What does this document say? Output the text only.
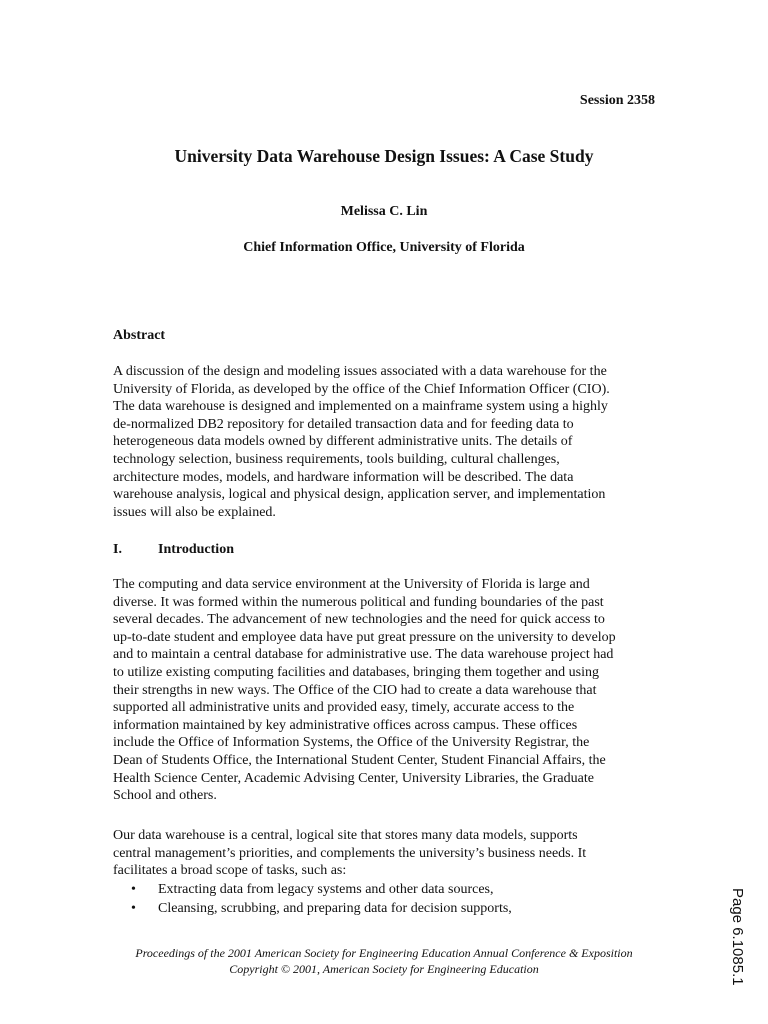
Session 2358
University Data Warehouse Design Issues: A Case Study
Melissa C. Lin
Chief Information Office, University of Florida
Abstract
A discussion of the design and modeling issues associated with a data warehouse for the
University of Florida, as developed by the office of the Chief Information Officer (CIO).
The data warehouse is designed and implemented on a mainframe system using a highly
de-normalized DB2 repository for detailed transaction data and for feeding data to
heterogeneous data models owned by different administrative units. The details of
technology selection, business requirements, tools building, cultural challenges,
architecture modes, models, and hardware information will be described. The data
warehouse analysis, logical and physical design, application server, and implementation
issues will also be explained.
I.	Introduction
The computing and data service environment at the University of Florida is large and
diverse. It was formed within the numerous political and funding boundaries of the past
several decades. The advancement of new technologies and the need for quick access to
up-to-date student and employee data have put great pressure on the university to develop
and to maintain a central database for administrative use. The data warehouse project had
to utilize existing computing facilities and databases, bringing them together and using
their strengths in new ways. The Office of the CIO had to create a data warehouse that
supported all administrative units and provided easy, timely, accurate access to the
information maintained by key administrative offices across campus. These offices
include the Office of Information Systems, the Office of the University Registrar, the
Dean of Students Office, the International Student Center, Student Financial Affairs, the
Health Science Center, Academic Advising Center, University Libraries, the Graduate
School and others.
Our data warehouse is a central, logical site that stores many data models, supports
central management’s priorities, and complements the university’s business needs. It
facilitates a broad scope of tasks, such as:
• Extracting data from legacy systems and other data sources,
• Cleansing, scrubbing, and preparing data for decision supports,
Proceedings of the 2001 American Society for Engineering Education Annual Conference & Exposition
Copyright © 2001, American Society for Engineering Education	Page 6.1085.1
